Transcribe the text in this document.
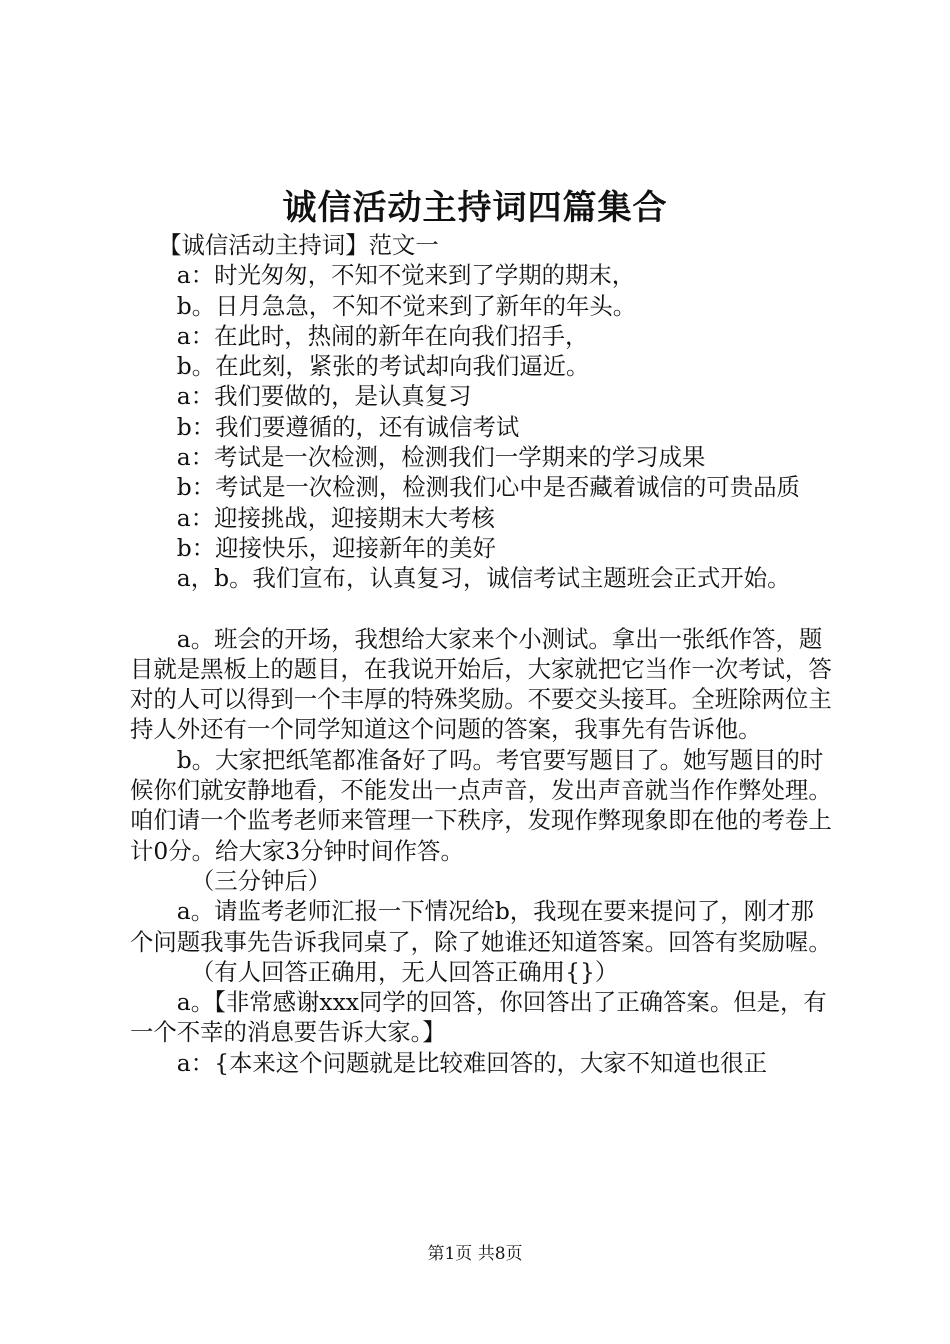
诚信活动主持词四篇集合

【诚信活动主持词】范文一

a：时光匆匆，不知不觉来到了学期的期末，

b。日月急急，不知不觉来到了新年的年头。

a：在此时，热闹的新年在向我们招手，

b。在此刻，紧张的考试却向我们逼近。

a：我们要做的，是认真复习

b：我们要遵循的，还有诚信考试

a：考试是一次检测，检测我们一学期来的学习成果

b：考试是一次检测，检测我们心中是否藏着诚信的可贵品质

a：迎接挑战，迎接期末大考核

b：迎接快乐，迎接新年的美好

a，b。我们宣布，认真复习，诚信考试主题班会正式开始。

a。班会的开场，我想给大家来个小测试。拿出一张纸作答，题目就是黑板上的题目，在我说开始后，大家就把它当作一次考试，答对的人可以得到一个丰厚的特殊奖励。不要交头接耳。全班除两位主持人外还有一个同学知道这个问题的答案，我事先有告诉他。

b。大家把纸笔都准备好了吗。考官要写题目了。她写题目的时候你们就安静地看，不能发出一点声音，发出声音就当作作弊处理。咱们请一个监考老师来管理一下秩序，发现作弊现象即在他的考卷上计0分。给大家3分钟时间作答。

（三分钟后）

a。请监考老师汇报一下情况给b，我现在要来提问了，刚才那个问题我事先告诉我同桌了，除了她谁还知道答案。回答有奖励喔。

（有人回答正确用，无人回答正确用{}）

a。【非常感谢xxx同学的回答，你回答出了正确答案。但是，有一个不幸的消息要告诉大家。】

a：{本来这个问题就是比较难回答的，大家不知道也很正

第1页 共8页
